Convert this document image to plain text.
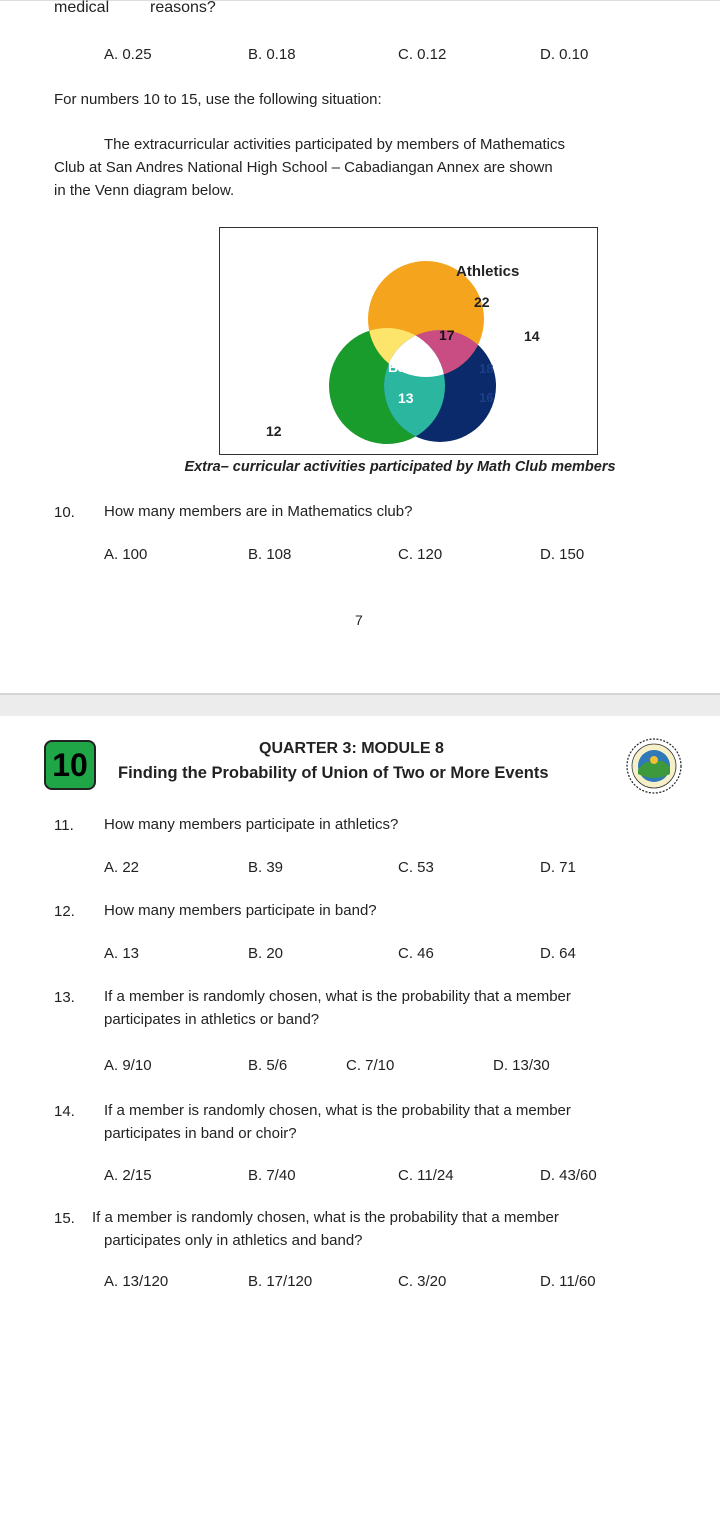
medical	reasons?
A. 0.25	B. 0.18	C. 0.12	D. 0.10
For numbers 10 to 15, use the following situation:
The extracurricular activities participated by members of Mathematics
Club at San Andres National High School – Cabadiangan Annex are shown
in the Venn diagram below.
Athletics
22
17	14
Band	18
13	16
12
Extra– curricular activities participated by Math Club members
10. How many members are in Mathematics club?
A. 100	B. 108	C. 120	D. 150
7
10	QUARTER 3: MODULE 8
Finding the Probability of Union of Two or More Events
11. How many members participate in athletics?
A. 22	B. 39	C. 53	D. 71
12. How many members participate in band?
A. 13	B. 20	C. 46	D. 64
13. If a member is randomly chosen, what is the probability that a member
participates in athletics or band?
A. 9/10	B. 5/6	C. 7/10	D. 13/30
14. If a member is randomly chosen, what is the probability that a member
participates in band or choir?
A. 2/15	B. 7/40	C. 11/24	D. 43/60
15. If a member is randomly chosen, what is the probability that a member
participates only in athletics and band?
A. 13/120	B. 17/120	C. 3/20	D. 11/60
